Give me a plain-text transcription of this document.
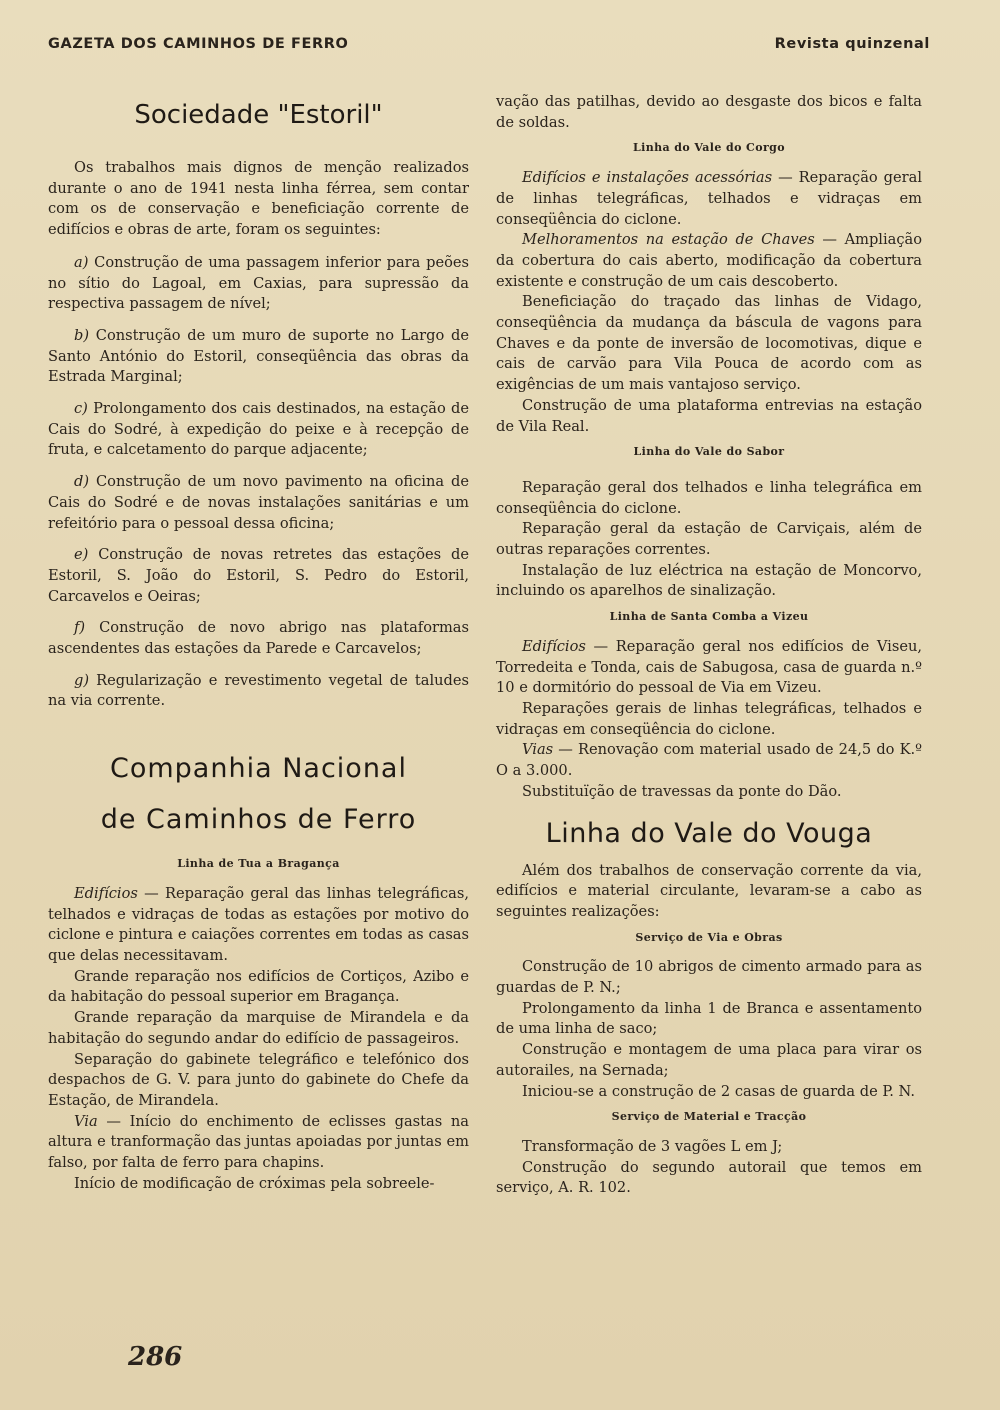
GAZETA DOS CAMINHOS DE FERRO	Revista quinzenal
Sociedade "Estoril"

Os trabalhos mais dignos de menção realizados durante o ano de 1941 nesta linha férrea, sem contar com os de conservação e beneficiação corrente de edifícios e obras de arte, foram os seguintes:

a) Construção de uma passagem inferior para peões no sítio do Lagoal, em Caxias, para supressão da respectiva passagem de nível;

b) Construção de um muro de suporte no Largo de Santo António do Estoril, conseqüência das obras da Estrada Marginal;

c) Prolongamento dos cais destinados, na estação de Cais do Sodré, à expedição do peixe e à recepção de fruta, e calcetamento do parque adjacente;

d) Construção de um novo pavimento na oficina de Cais do Sodré e de novas instalações sanitárias e um refeitório para o pessoal dessa oficina;

e) Construção de novas retretes das estações de Estoril, S. João do Estoril, S. Pedro do Estoril, Carcavelos e Oeiras;

f) Construção de novo abrigo nas plataformas ascendentes das estações da Parede e Carcavelos;

g) Regularização e revestimento vegetal de taludes na via corrente.

Companhia Nacional
de Caminhos de Ferro
Linha de Tua a Bragança

Edifícios — Reparação geral das linhas telegráficas, telhados e vidraças de todas as estações por motivo do ciclone e pintura e caiações correntes em todas as casas que delas necessitavam.

Grande reparação nos edifícios de Cortiços, Azibo e da habitação do pessoal superior em Bragança.

Grande reparação da marquise de Mirandela e da habitação do segundo andar do edifício de passageiros.

Separação do gabinete telegráfico e telefónico dos despachos de G. V. para junto do gabinete do Chefe da Estação, de Mirandela.

Via — Início do enchimento de eclisses gastas na altura e tranformação das juntas apoiadas por juntas em falso, por falta de ferro para chapins.

Início de modificação de cróximas pela sobreele-

vação das patilhas, devido ao desgaste dos bicos e falta de soldas.

Linha do Vale do Corgo

Edifícios e instalações acessórias — Reparação geral de linhas telegráficas, telhados e vidraças em conseqüência do ciclone.

Melhoramentos na estação de Chaves — Ampliação da cobertura do cais aberto, modificação da cobertura existente e construção de um cais descoberto.

Beneficiação do traçado das linhas de Vidago, conseqüência da mudança da báscula de vagons para Chaves e da ponte de inversão de locomotivas, dique e cais de carvão para Vila Pouca de acordo com as exigências de um mais vantajoso serviço.

Construção de uma plataforma entrevias na estação de Vila Real.

Linha do Vale do Sabor

Reparação geral dos telhados e linha telegráfica em conseqüência do ciclone.

Reparação geral da estação de Carviçais, além de outras reparações correntes.

Instalação de luz eléctrica na estação de Moncorvo, incluindo os aparelhos de sinalização.

Linha de Santa Comba a Vizeu

Edifícios — Reparação geral nos edifícios de Viseu, Torredeita e Tonda, cais de Sabugosa, casa de guarda n.º 10 e dormitório do pessoal de Via em Vizeu.

Reparações gerais de linhas telegráficas, telhados e vidraças em conseqüência do ciclone.

Vias — Renovação com material usado de 24,5 do K.º O a 3.000.

Substituïção de travessas da ponte do Dão.

Linha do Vale do Vouga

Além dos trabalhos de conservação corrente da via, edifícios e material circulante, levaram-se a cabo as seguintes realizações:

Serviço de Via e Obras

Construção de 10 abrigos de cimento armado para as guardas de P. N.;

Prolongamento da linha 1 de Branca e assentamento de uma linha de saco;

Construção e montagem de uma placa para virar os autorailes, na Sernada;

Iniciou-se a construção de 2 casas de guarda de P. N.

Serviço de Material e Tracção

Transformação de 3 vagões L em J;

Construção do segundo autorail que temos em serviço, A. R. 102.

286
